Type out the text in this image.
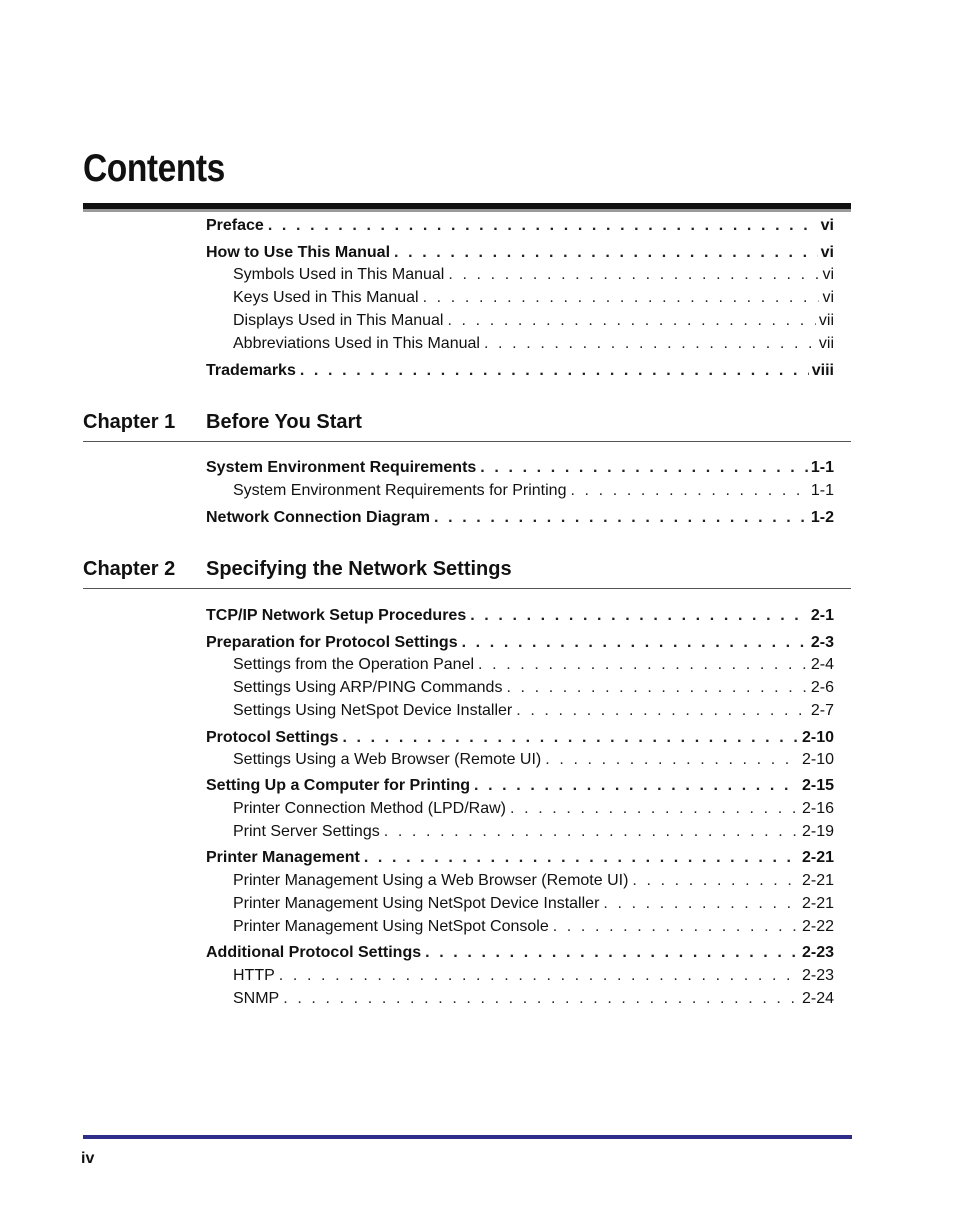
Contents
Preface . . .	vi
How to Use This Manual . . .	vi
Symbols Used in This Manual . . .	vi
Keys Used in This Manual . . .	vi
Displays Used in This Manual . . .	vii
Abbreviations Used in This Manual . . .	vii
Trademarks . . .	viii
Chapter 1 Before You Start
System Environment Requirements . . .	1-1
System Environment Requirements for Printing . . .	1-1
Network Connection Diagram . . .	1-2
Chapter 2 Specifying the Network Settings
TCP/IP Network Setup Procedures . . .	2-1
Preparation for Protocol Settings . . .	2-3
Settings from the Operation Panel . . .	2-4
Settings Using ARP/PING Commands . . .	2-6
Settings Using NetSpot Device Installer . . .	2-7
Protocol Settings . . .	2-10
Settings Using a Web Browser (Remote UI) . . .	2-10
Setting Up a Computer for Printing . . .	2-15
Printer Connection Method (LPD/Raw) . . .	2-16
Print Server Settings . . .	2-19
Printer Management . . .	2-21
Printer Management Using a Web Browser (Remote UI) . . .	2-21
Printer Management Using NetSpot Device Installer . . .	2-21
Printer Management Using NetSpot Console . . .	2-22
Additional Protocol Settings . . .	2-23
HTTP . . .	2-23
SNMP . . .	2-24
iv
